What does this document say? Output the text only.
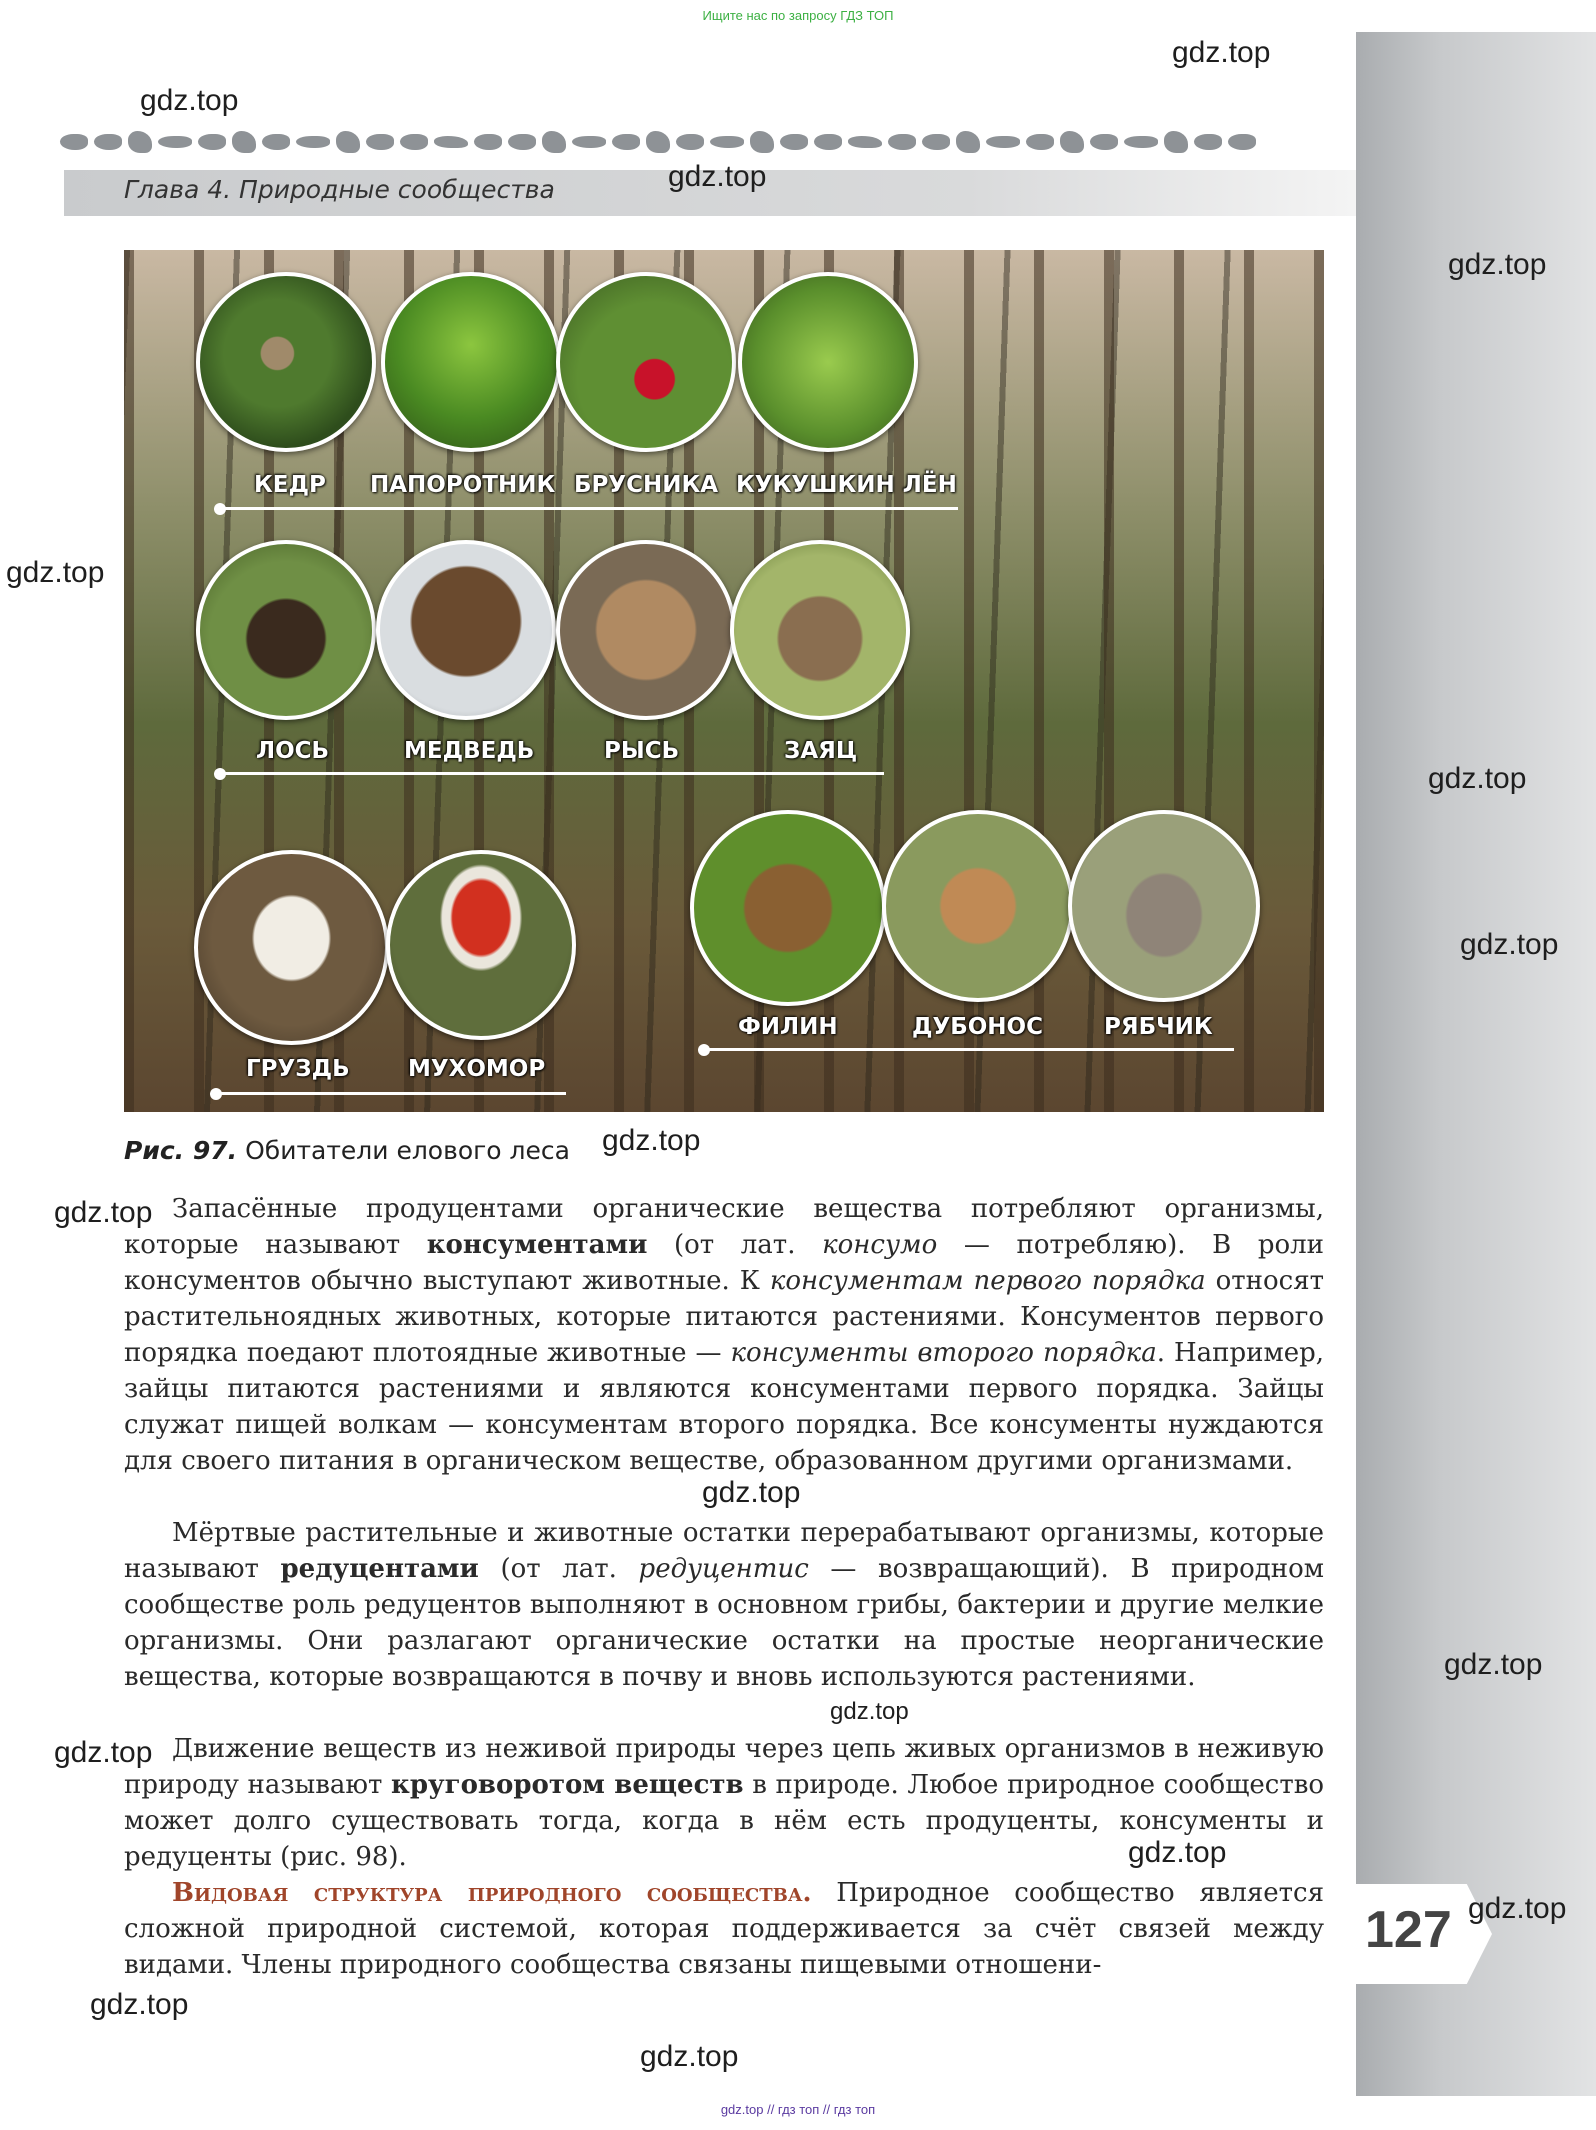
Ищите нас по запросу ГДЗ ТОП
127
Глава 4. Природные сообщества
КЕДР ПАПОРОТНИК БРУСНИКА КУКУШКИН ЛЁН
ЛОСЬ	МЕДВЕДЬ	РЫСЬ	ЗАЯЦ
ГРУЗДЬ	МУХОМОР
ФИЛИН	ДУБОНОС	РЯБЧИК
Рис. 97. Обитатели елового леса

Запасённые продуцентами органические вещества потребляют организмы, которые называют консументами (от лат. консумо — потребляю). В роли консументов обычно выступают животные. К консументам первого порядка относят растительноядных животных, которые питаются растениями. Консументов первого порядка поедают плотоядные животные — консументы второго порядка. Например, зайцы питаются растениями и являются консументами первого порядка. Зайцы служат пищей волкам — консументам второго порядка. Все консументы нуждаются для своего питания в органическом веществе, образованном другими организмами.

Мёртвые растительные и животные остатки перерабатывают организмы, которые называют редуцентами (от лат. редуцентис — возвращающий). В природном сообществе роль редуцентов выполняют в основном грибы, бактерии и другие мелкие организмы. Они разлагают органические остатки на простые неорганические вещества, которые возвращаются в почву и вновь используются растениями.

Движение веществ из неживой природы через цепь живых организмов в неживую природу называют круговоротом веществ в природе. Любое природное сообщество может долго существовать тогда, когда в нём есть продуценты, консументы и редуценты (рис. 98).

Видовая структура природного сообщества. Природное сообщество является сложной природной системой, которая поддерживается за счёт связей между видами. Члены природного сообщества связаны пищевыми отношени-

gdz.top
gdz.top
gdz.top
gdz.top
gdz.top
gdz.top
gdz.top
gdz.top
gdz.top
gdz.top
gdz.top
gdz.top
gdz.top
gdz.top
gdz.top
gdz.top
gdz.top
gdz.top // гдз топ // гдз топ
